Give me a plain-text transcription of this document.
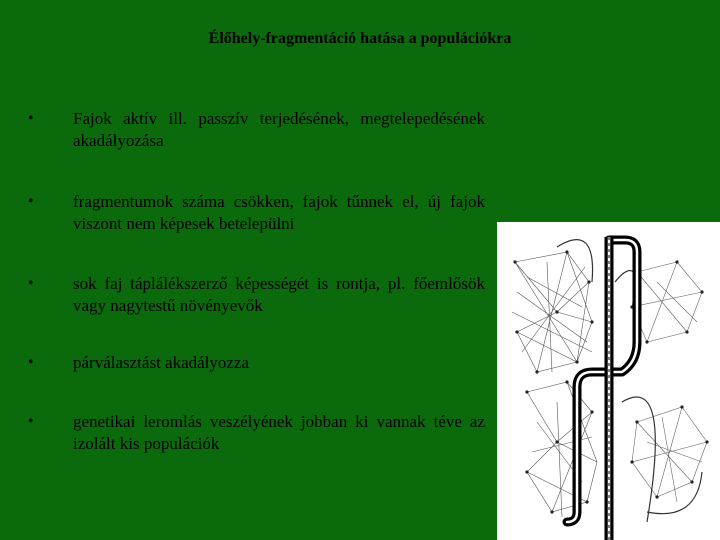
Élőhely-fragmentáció hatása a populációkra
• Fajok aktív ill. passzív terjedésének, megtelepedésének akadályozása
• fragmentumok száma csökken, fajok tűnnek el, új fajok viszont nem képesek betelepülni
• sok faj táplálékszerző képességét is rontja, pl. főemlősök vagy nagytestű növényevők
• párválasztást akadályozza
• genetikai leromlás veszélyének jobban ki vannak téve az izolált kis populációk
